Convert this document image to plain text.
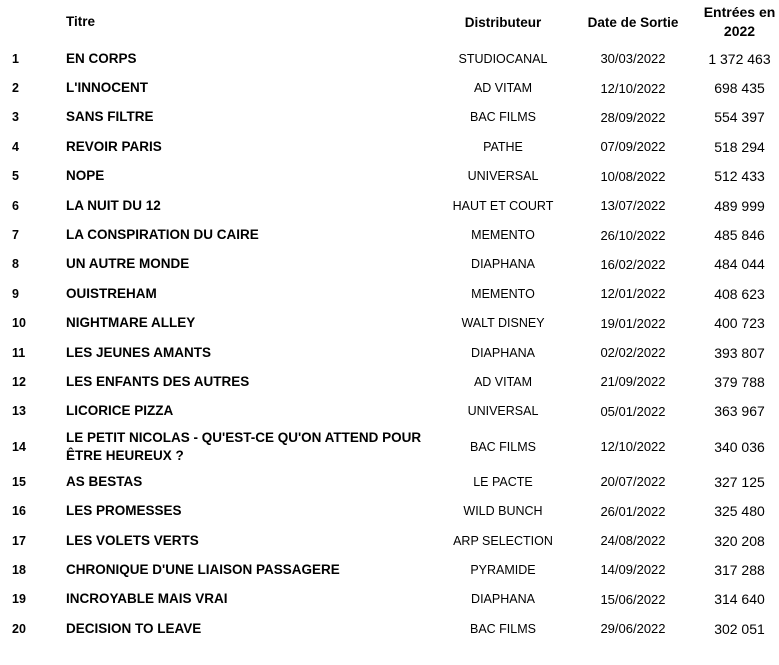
	Titre	Distributeur	Date de Sortie	Entrées en
2022
1	EN CORPS	STUDIOCANAL	30/03/2022	1 372 463
2	L'INNOCENT	AD VITAM	12/10/2022	698 435
3	SANS FILTRE	BAC FILMS	28/09/2022	554 397
4	REVOIR PARIS	PATHE	07/09/2022	518 294
5	NOPE	UNIVERSAL	10/08/2022	512 433
6	LA NUIT DU 12	HAUT ET COURT	13/07/2022	489 999
7	LA CONSPIRATION DU CAIRE	MEMENTO	26/10/2022	485 846
8	UN AUTRE MONDE	DIAPHANA	16/02/2022	484 044
9	OUISTREHAM	MEMENTO	12/01/2022	408 623
10	NIGHTMARE ALLEY	WALT DISNEY	19/01/2022	400 723
11	LES JEUNES AMANTS	DIAPHANA	02/02/2022	393 807
12	LES ENFANTS DES AUTRES	AD VITAM	21/09/2022	379 788
13	LICORICE PIZZA	UNIVERSAL	05/01/2022	363 967
14	LE PETIT NICOLAS - QU'EST-CE QU'ON ATTEND POUR ÊTRE HEUREUX ?	BAC FILMS	12/10/2022	340 036
15	AS BESTAS	LE PACTE	20/07/2022	327 125
16	LES PROMESSES	WILD BUNCH	26/01/2022	325 480
17	LES VOLETS VERTS	ARP SELECTION	24/08/2022	320 208
18	CHRONIQUE D'UNE LIAISON PASSAGERE	PYRAMIDE	14/09/2022	317 288
19	INCROYABLE MAIS VRAI	DIAPHANA	15/06/2022	314 640
20	DECISION TO LEAVE	BAC FILMS	29/06/2022	302 051
